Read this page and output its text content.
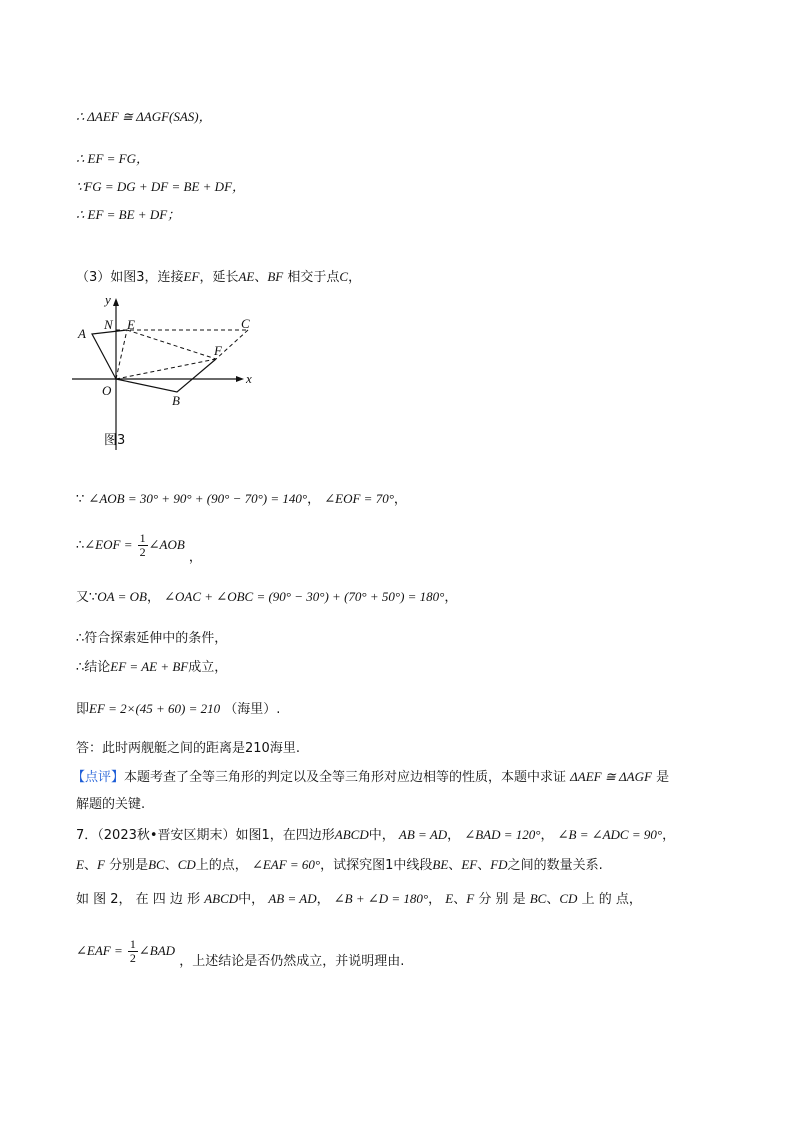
∴ ΔAEF ≅ ΔAGF(SAS)，
∴ EF = FG，
∵FG = DG + DF = BE + DF，
∴ EF = BE + DF；
（3）如图3，连接EF，延长AE、BF 相交于点C，
y
x
A
N E	C
F
O
B
图3
∵ ∠AOB = 30° + 90° + (90° − 70°) = 140°， ∠EOF = 70°，
∴∠EOF = $\frac{1}{2}$ ∠AOB ，
又∵OA = OB， ∠OAC + ∠OBC = (90° − 30°) + (70° + 50°) = 180°，
∴符合探索延伸中的条件，
∴结论EF = AE + BF成立，
即EF = 2×(45 + 60) = 210 （海里）.
答：此时两舰艇之间的距离是210海里.
【点评】本题考查了全等三角形的判定以及全等三角形对应边相等的性质，本题中求证 ΔAEF ≅ ΔAGF 是
解题的关键.
7．（2023秋•晋安区期末）如图1，在四边形ABCD中， AB = AD， ∠BAD = 120°， ∠B = ∠ADC = 90°，
E、F 分别是BC、CD上的点， ∠EAF = 60°，试探究图1中线段BE、EF、FD之间的数量关系.
如 图 2， 在 四 边 形 ABCD中， AB = AD， ∠B + ∠D = 180°， E、F 分 别 是 BC、CD 上 的 点，
∠EAF = $\frac{1}{2}$ ∠BAD ，上述结论是否仍然成立，并说明理由.
